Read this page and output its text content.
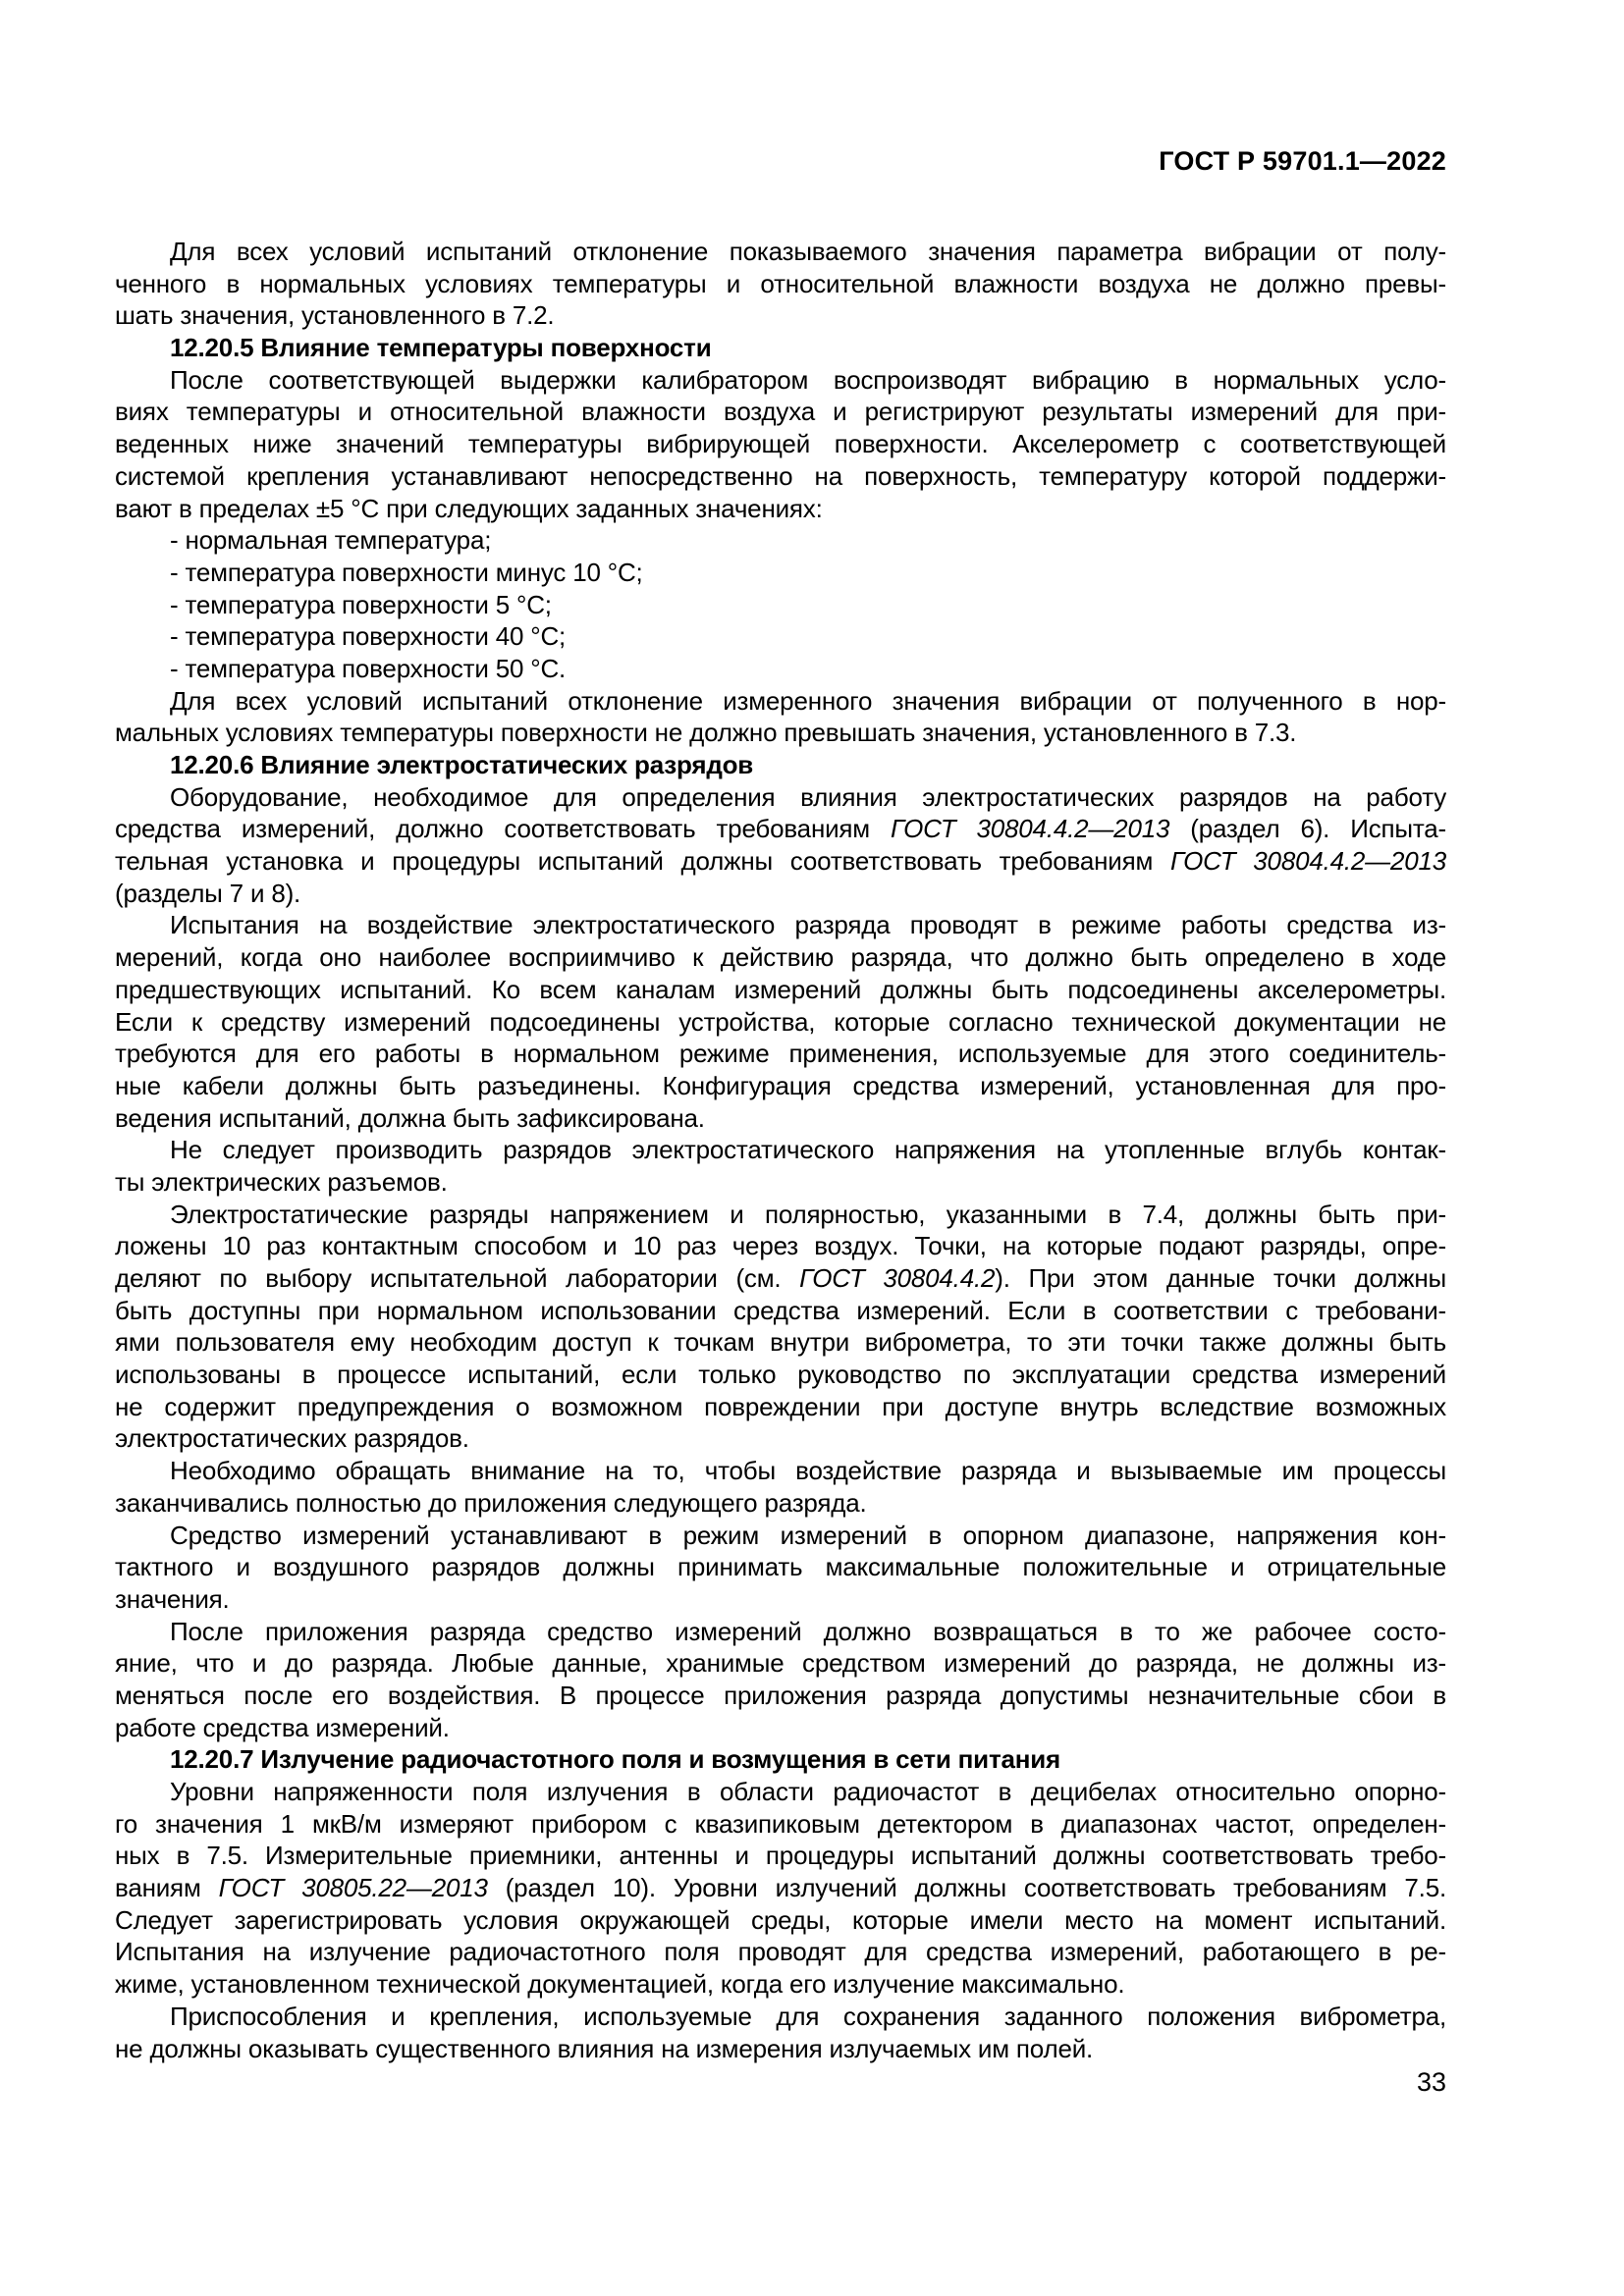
ГОСТ Р 59701.1—2022
Для всех условий испытаний отклонение показываемого значения параметра вибрации от полу-
ченного в нормальных условиях температуры и относительной влажности воздуха не должно превы-
шать значения, установленного в 7.2.
12.20.5 Влияние температуры поверхности
После соответствующей выдержки калибратором воспроизводят вибрацию в нормальных усло-
виях температуры и относительной влажности воздуха и регистрируют результаты измерений для при-
веденных ниже значений температуры вибрирующей поверхности. Акселерометр с соответствующей
системой крепления устанавливают непосредственно на поверхность, температуру которой поддержи-
вают в пределах ±5 °С при следующих заданных значениях:
- нормальная температура;
- температура поверхности минус 10 °С;
- температура поверхности 5 °С;
- температура поверхности 40 °С;
- температура поверхности 50 °С.
Для всех условий испытаний отклонение измеренного значения вибрации от полученного в нор-
мальных условиях температуры поверхности не должно превышать значения, установленного в 7.3.
12.20.6 Влияние электростатических разрядов
Оборудование, необходимое для определения влияния электростатических разрядов на работу
средства измерений, должно соответствовать требованиям ГОСТ 30804.4.2—2013 (раздел 6). Испыта-
тельная установка и процедуры испытаний должны соответствовать требованиям ГОСТ 30804.4.2—2013
(разделы 7 и 8).
Испытания на воздействие электростатического разряда проводят в режиме работы средства из-
мерений, когда оно наиболее восприимчиво к действию разряда, что должно быть определено в ходе
предшествующих испытаний. Ко всем каналам измерений должны быть подсоединены акселерометры.
Если к средству измерений подсоединены устройства, которые согласно технической документации не
требуются для его работы в нормальном режиме применения, используемые для этого соединитель-
ные кабели должны быть разъединены. Конфигурация средства измерений, установленная для про-
ведения испытаний, должна быть зафиксирована.
Не следует производить разрядов электростатического напряжения на утопленные вглубь контак-
ты электрических разъемов.
Электростатические разряды напряжением и полярностью, указанными в 7.4, должны быть при-
ложены 10 раз контактным способом и 10 раз через воздух. Точки, на которые подают разряды, опре-
деляют по выбору испытательной лаборатории (см. ГОСТ 30804.4.2). При этом данные точки должны
быть доступны при нормальном использовании средства измерений. Если в соответствии с требовани-
ями пользователя ему необходим доступ к точкам внутри виброметра, то эти точки также должны быть
использованы в процессе испытаний, если только руководство по эксплуатации средства измерений
не содержит предупреждения о возможном повреждении при доступе внутрь вследствие возможных
электростатических разрядов.
Необходимо обращать внимание на то, чтобы воздействие разряда и вызываемые им процессы
заканчивались полностью до приложения следующего разряда.
Средство измерений устанавливают в режим измерений в опорном диапазоне, напряжения кон-
тактного и воздушного разрядов должны принимать максимальные положительные и отрицательные
значения.
После приложения разряда средство измерений должно возвращаться в то же рабочее состо-
яние, что и до разряда. Любые данные, хранимые средством измерений до разряда, не должны из-
меняться после его воздействия. В процессе приложения разряда допустимы незначительные сбои в
работе средства измерений.
12.20.7 Излучение радиочастотного поля и возмущения в сети питания
Уровни напряженности поля излучения в области радиочастот в децибелах относительно опорно-
го значения 1 мкВ/м измеряют прибором с квазипиковым детектором в диапазонах частот, определен-
ных в 7.5. Измерительные приемники, антенны и процедуры испытаний должны соответствовать требо-
ваниям ГОСТ 30805.22—2013 (раздел 10). Уровни излучений должны соответствовать требованиям 7.5.
Следует зарегистрировать условия окружающей среды, которые имели место на момент испытаний.
Испытания на излучение радиочастотного поля проводят для средства измерений, работающего в ре-
жиме, установленном технической документацией, когда его излучение максимально.
Приспособления и крепления, используемые для сохранения заданного положения виброметра,
не должны оказывать существенного влияния на измерения излучаемых им полей.
33
